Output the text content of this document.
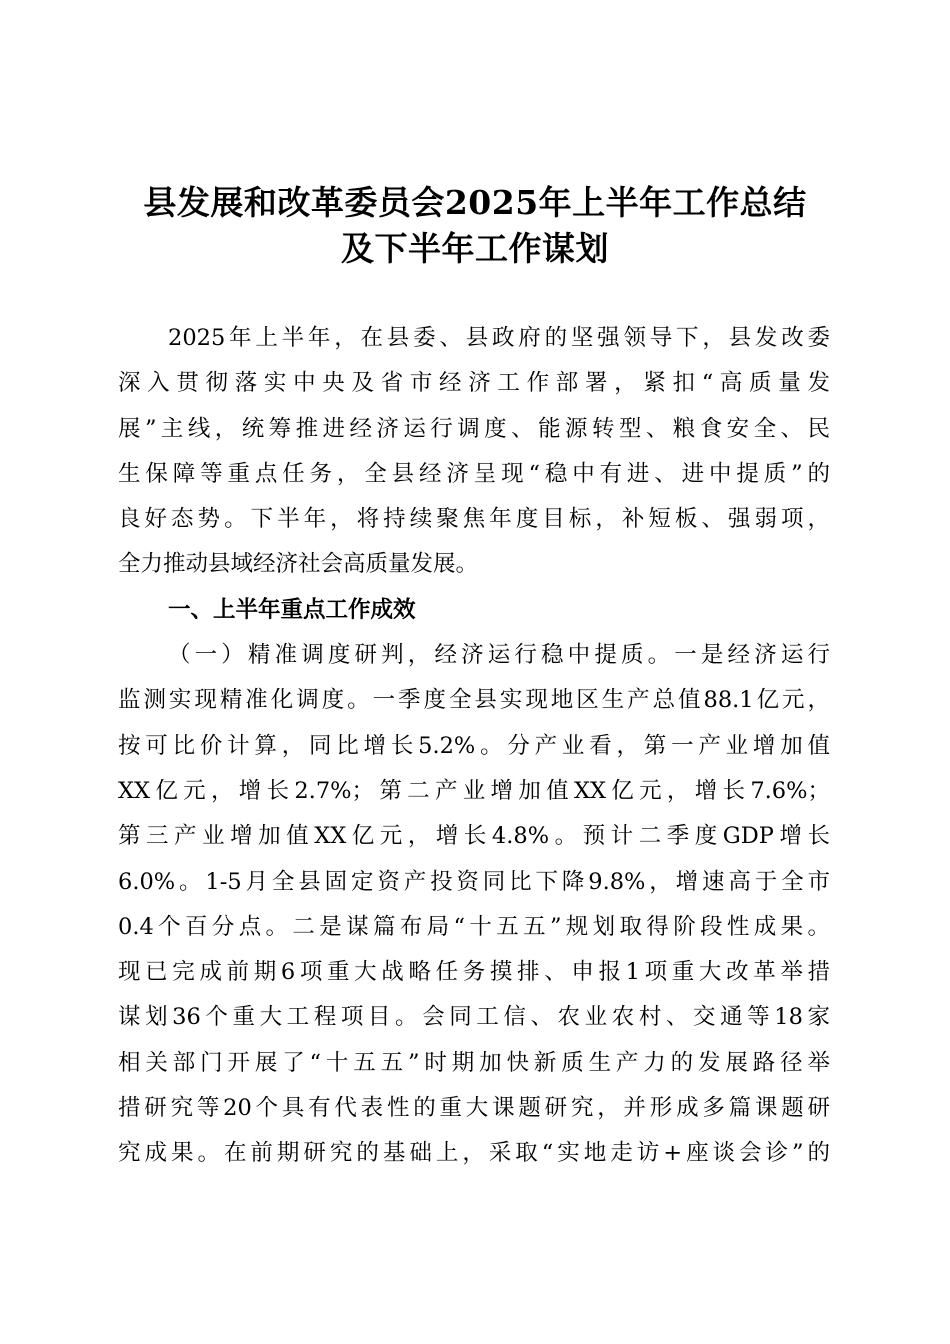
县发展和改革委员会2025年上半年工作总结
及下半年工作谋划
2025年上半年，在县委、县政府的坚强领导下，县发改委
深入贯彻落实中央及省市经济工作部署，紧扣“高质量发
展”主线，统筹推进经济运行调度、能源转型、粮食安全、民
生保障等重点任务，全县经济呈现“稳中有进、进中提质”的
良好态势。下半年，将持续聚焦年度目标，补短板、强弱项，
全力推动县域经济社会高质量发展。
一、上半年重点工作成效
（一）精准调度研判，经济运行稳中提质。一是经济运行
监测实现精准化调度。一季度全县实现地区生产总值88.1亿元，
按可比价计算，同比增长5.2%。分产业看，第一产业增加值
XX亿元，增长2.7%；第二产业增加值XX亿元，增长7.6%；
第三产业增加值XX亿元，增长4.8%。预计二季度GDP增长
6.0%。1-5月全县固定资产投资同比下降9.8%，增速高于全市
0.4个百分点。二是谋篇布局“十五五”规划取得阶段性成果。
现已完成前期6项重大战略任务摸排、申报1项重大改革举措
谋划36个重大工程项目。会同工信、农业农村、交通等18家
相关部门开展了“十五五”时期加快新质生产力的发展路径举
措研究等20个具有代表性的重大课题研究，并形成多篇课题研
究成果。在前期研究的基础上，采取“实地走访+座谈会诊”的
